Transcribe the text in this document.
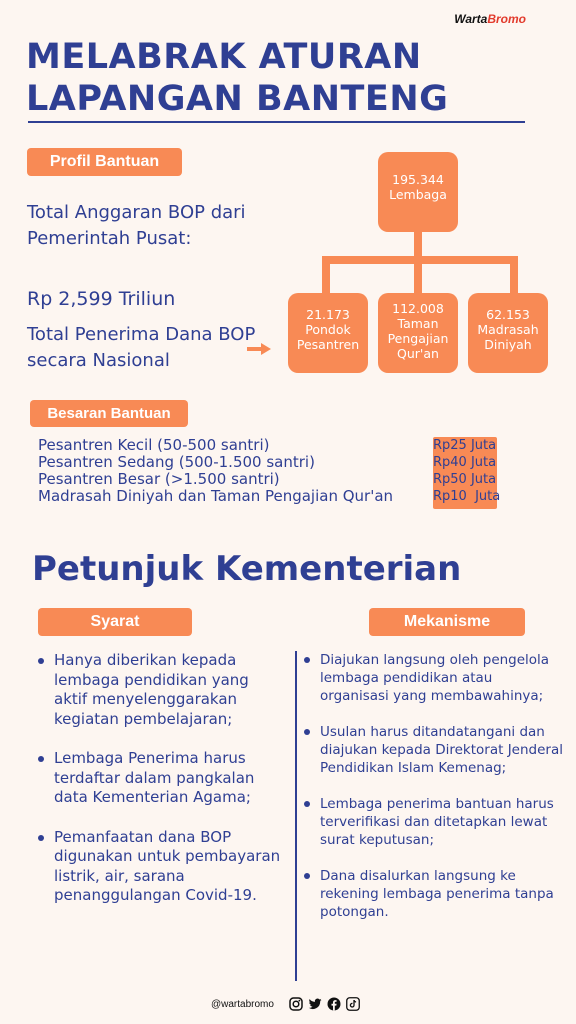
WartaBromo
MELABRAK ATURAN
LAPANGAN BANTENG
Profil Bantuan
Total Anggaran BOP dari Pemerintah Pusat:
Rp 2,599 Triliun
Total Penerima Dana BOP secara Nasional
195.344
Lembaga
21.173
Pondok Pesantren
112.008
Taman Pengajian Qur'an
62.153
Madrasah Diniyah
Besaran Bantuan
Pesantren Kecil (50-500 santri)
Pesantren Sedang (500-1.500 santri)
Pesantren Besar (>1.500 santri)
Madrasah Diniyah dan Taman Pengajian Qur'an
Rp25 Juta
Rp40 Juta
Rp50 Juta
Rp10  Juta
Petunjuk Kementerian
Syarat	Mekanisme
Hanya diberikan kepada lembaga pendidikan yang aktif menyelenggarakan kegiatan pembelajaran;
Lembaga Penerima harus terdaftar dalam pangkalan data Kementerian Agama;
Pemanfaatan dana BOP digunakan untuk pembayaran listrik, air, sarana penanggulangan Covid-19.
Diajukan langsung oleh pengelola lembaga pendidikan atau organisasi yang membawahinya;
Usulan harus ditandatangani dan diajukan kepada Direktorat Jenderal Pendidikan Islam Kemenag;
Lembaga penerima bantuan harus terverifikasi dan ditetapkan lewat surat keputusan;
Dana disalurkan langsung ke rekening lembaga penerima tanpa potongan.
@wartabromo
